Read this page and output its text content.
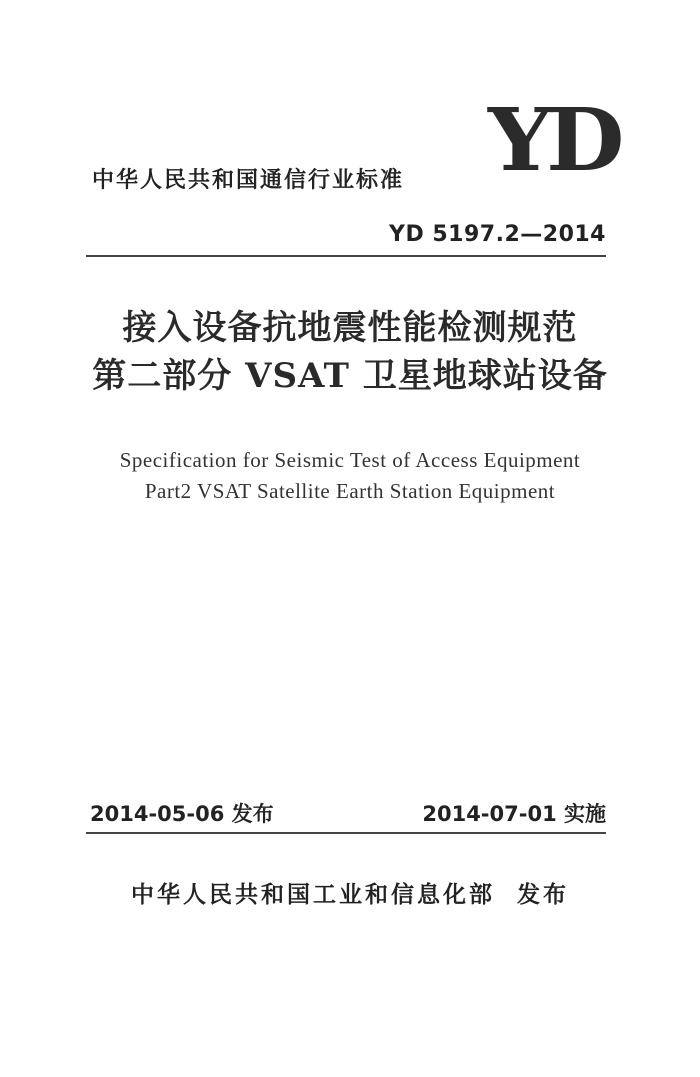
中华人民共和国通信行业标准 YD
YD 5197.2—2014
接入设备抗地震性能检测规范
第二部分 VSAT 卫星地球站设备
Specification for Seismic Test of Access Equipment
Part2 VSAT Satellite Earth Station Equipment
2014-05-06 发布	2014-07-01 实施
中华人民共和国工业和信息化部 发布
